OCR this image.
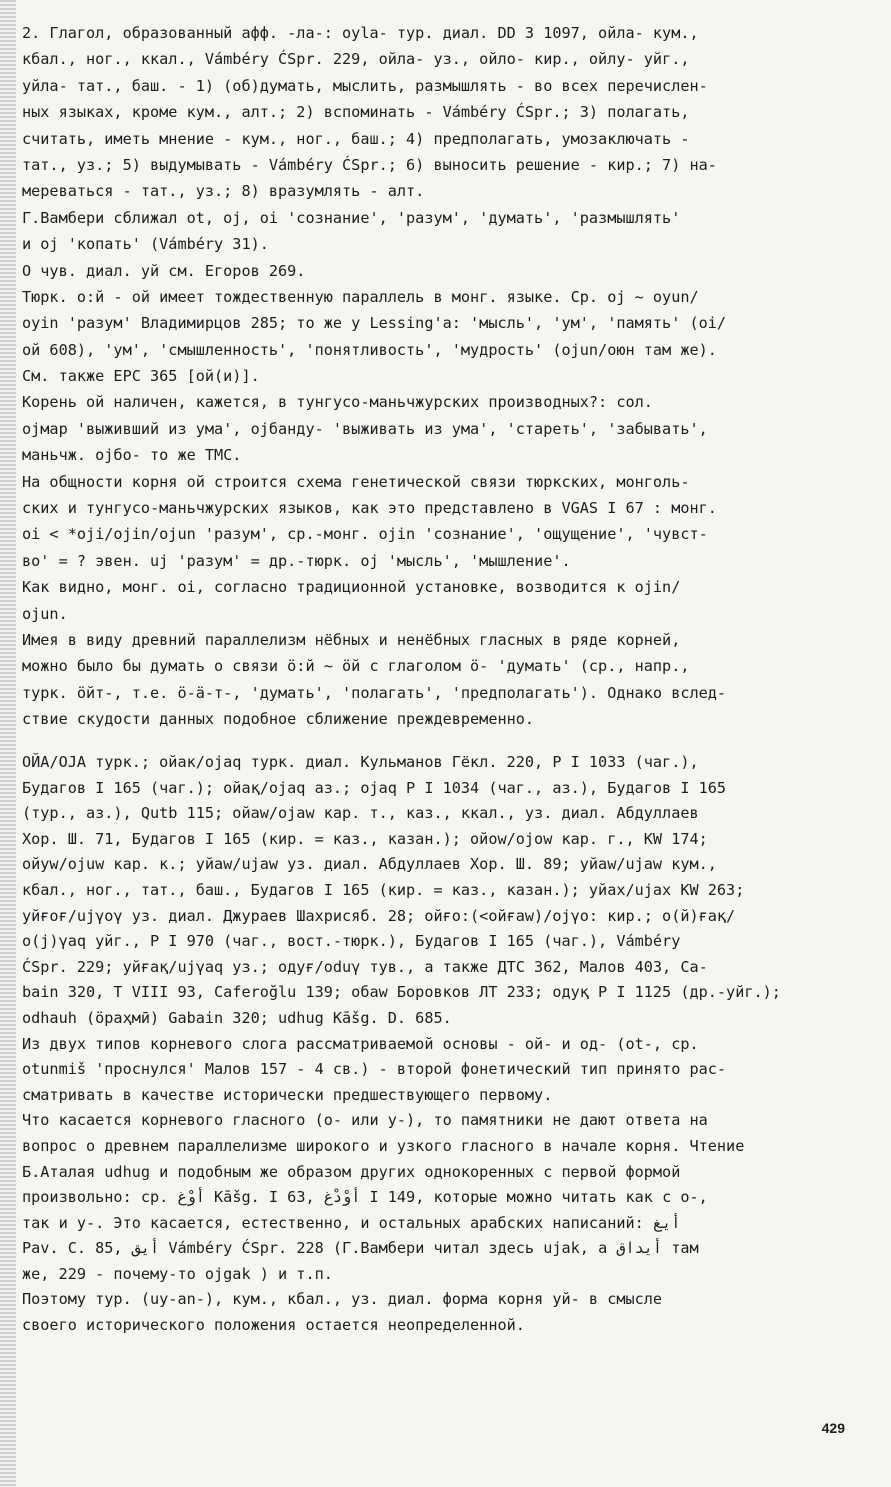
2. Глагол, образованный афф. -ла-: oyla- тур. диал. DD 3 1097, ойла- кум.,
кбал., ног., ккал., Vámbéry ĆSpr. 229, ойла- уз., ойло- кир., ойлу- уйг.,
уйла- тат., баш. - 1) (об)думать, мыслить, размышлять - во всех перечислен-
ных языках, кроме кум., алт.; 2) вспоминать - Vámbéry ĆSpr.; 3) полагать,
считать, иметь мнение - кум., ног., баш.; 4) предполагать, умозаключать -
тат., уз.; 5) выдумывать - Vámbéry ĆSpr.; 6) выносить решение - кир.; 7) на-
мереваться - тат., уз.; 8) вразумлять - алт.
Г.Вамбери сближал ot, oj, oi 'сознание', 'разум', 'думать', 'размышлять'
и oj 'копать' (Vámbéry 31).
О чув. диал. уй см. Егоров 269.
Тюрк. о:й - ой имеет тождественную параллель в монг. языке. Ср. oj ~ oyun/
oyin 'разум' Владимирцов 285; то же у Lessing'a: 'мысль', 'ум', 'память' (oi/
ой 608), 'ум', 'смышленность', 'понятливость', 'мудрость' (ojun/оюн там же).
См. также ЕРС 365 [ой(и)].
Корень ой наличен, кажется, в тунгусо-маньчжурских производных?: сол.
ojмар 'выживший из ума', ojбанду- 'выживать из ума', 'стареть', 'забывать',
маньчж. ojбо- то же ТМС.
На общности корня ой строится схема генетической связи тюркских, монголь-
ских и тунгусо-маньчжурских языков, как это представлено в VGAS I 67 : монг.
oi < *oji/ojin/ojun 'разум', ср.-монг. ojin 'сознание', 'ощущение', 'чувст-
во' = ? эвен. uj 'разум' = др.-тюрк. oj 'мысль', 'мышление'.
Как видно, монг. oi, согласно традиционной установке, возводится к ojin/
ojun.
Имея в виду древний параллелизм нёбных и ненёбных гласных в ряде корней,
можно было бы думать о связи ö:й ~ ӧй с глаголом ӧ- 'думать' (ср., напр.,
турк. ӧйт-, т.е. ӧ-ӓ-т-, 'думать', 'полагать', 'предполагать'). Однако вслед-
ствие скудости данных подобное сближение преждевременно.
ОЙА/ОJА турк.; ойак/ojaq турк. диал. Кульманов Гёкл. 220, P I 1033 (чаг.),
Будагов I 165 (чаг.); ойақ/ojaq аз.; ojaq P I 1034 (чаг., аз.), Будагов I 165
(тур., аз.), Qutb 115; ойаw/ojaw кар. т., каз., ккал., уз. диал. Абдуллаев
Хор. Ш. 71, Будагов I 165 (кир. = каз., казан.); ойоw/ojow кар. г., KW 174;
ойуw/ojuw кар. к.; уйаw/ujaw уз. диал. Абдуллаев Хор. Ш. 89; уйаw/ujaw кум.,
кбал., ног., тат., баш., Будагов I 165 (кир. = каз., казан.); уйах/ujax KW 263;
уйғоғ/ujγoγ уз. диал. Джураев Шахрисяб. 28; ойғо:(<ойғаw)/ojγo: кир.; о(й)ғақ/
o(j)γaq уйг., P I 970 (чаг., вост.-тюрк.), Будагов I 165 (чаг.), Vámbéry
ĆSpr. 229; уйғақ/ujγaq уз.; одуғ/oduγ тув., а также ДТС 362, Малов 403, Ca-
bain 320, T VIII 93, Caferoğlu 139; обаw Боровков ЛТ 233; одуқ P I 1125 (др.-уйг.);
odhauh (ӧраҳмӣ) Gabain 320; udhug Kāšg. D. 685.
Из двух типов корневого слога рассматриваемой основы - ой- и од- (ot-, ср.
otunmiš 'проснулся' Малов 157 - 4 св.) - второй фонетический тип принято рас-
сматривать в качестве исторически предшествующего первому.
Что касается корневого гласного (о- или у-), то памятники не дают ответа на
вопрос о древнем параллелизме широкого и узкого гласного в начале корня. Чтение
Б.Аталая udhug и подобным же образом других однокоренных с первой формой
произвольно: ср. أوْغ Kāšg. I 63, أوْدْغ I 149, которые можно читать как с о-,
так и у-. Это касается, естественно, и остальных арабских написаний: أيغ
Pav. C. 85, أيق Vámbéry ĆSpr. 228 (Г.Вамбери читал здесь ujak, а أيداق там
же, 229 - почему-то ojgak ) и т.п.
Поэтому тур. (uy-an-), кум., кбал., уз. диал. форма корня уй- в смысле
своего исторического положения остается неопределенной.
429
